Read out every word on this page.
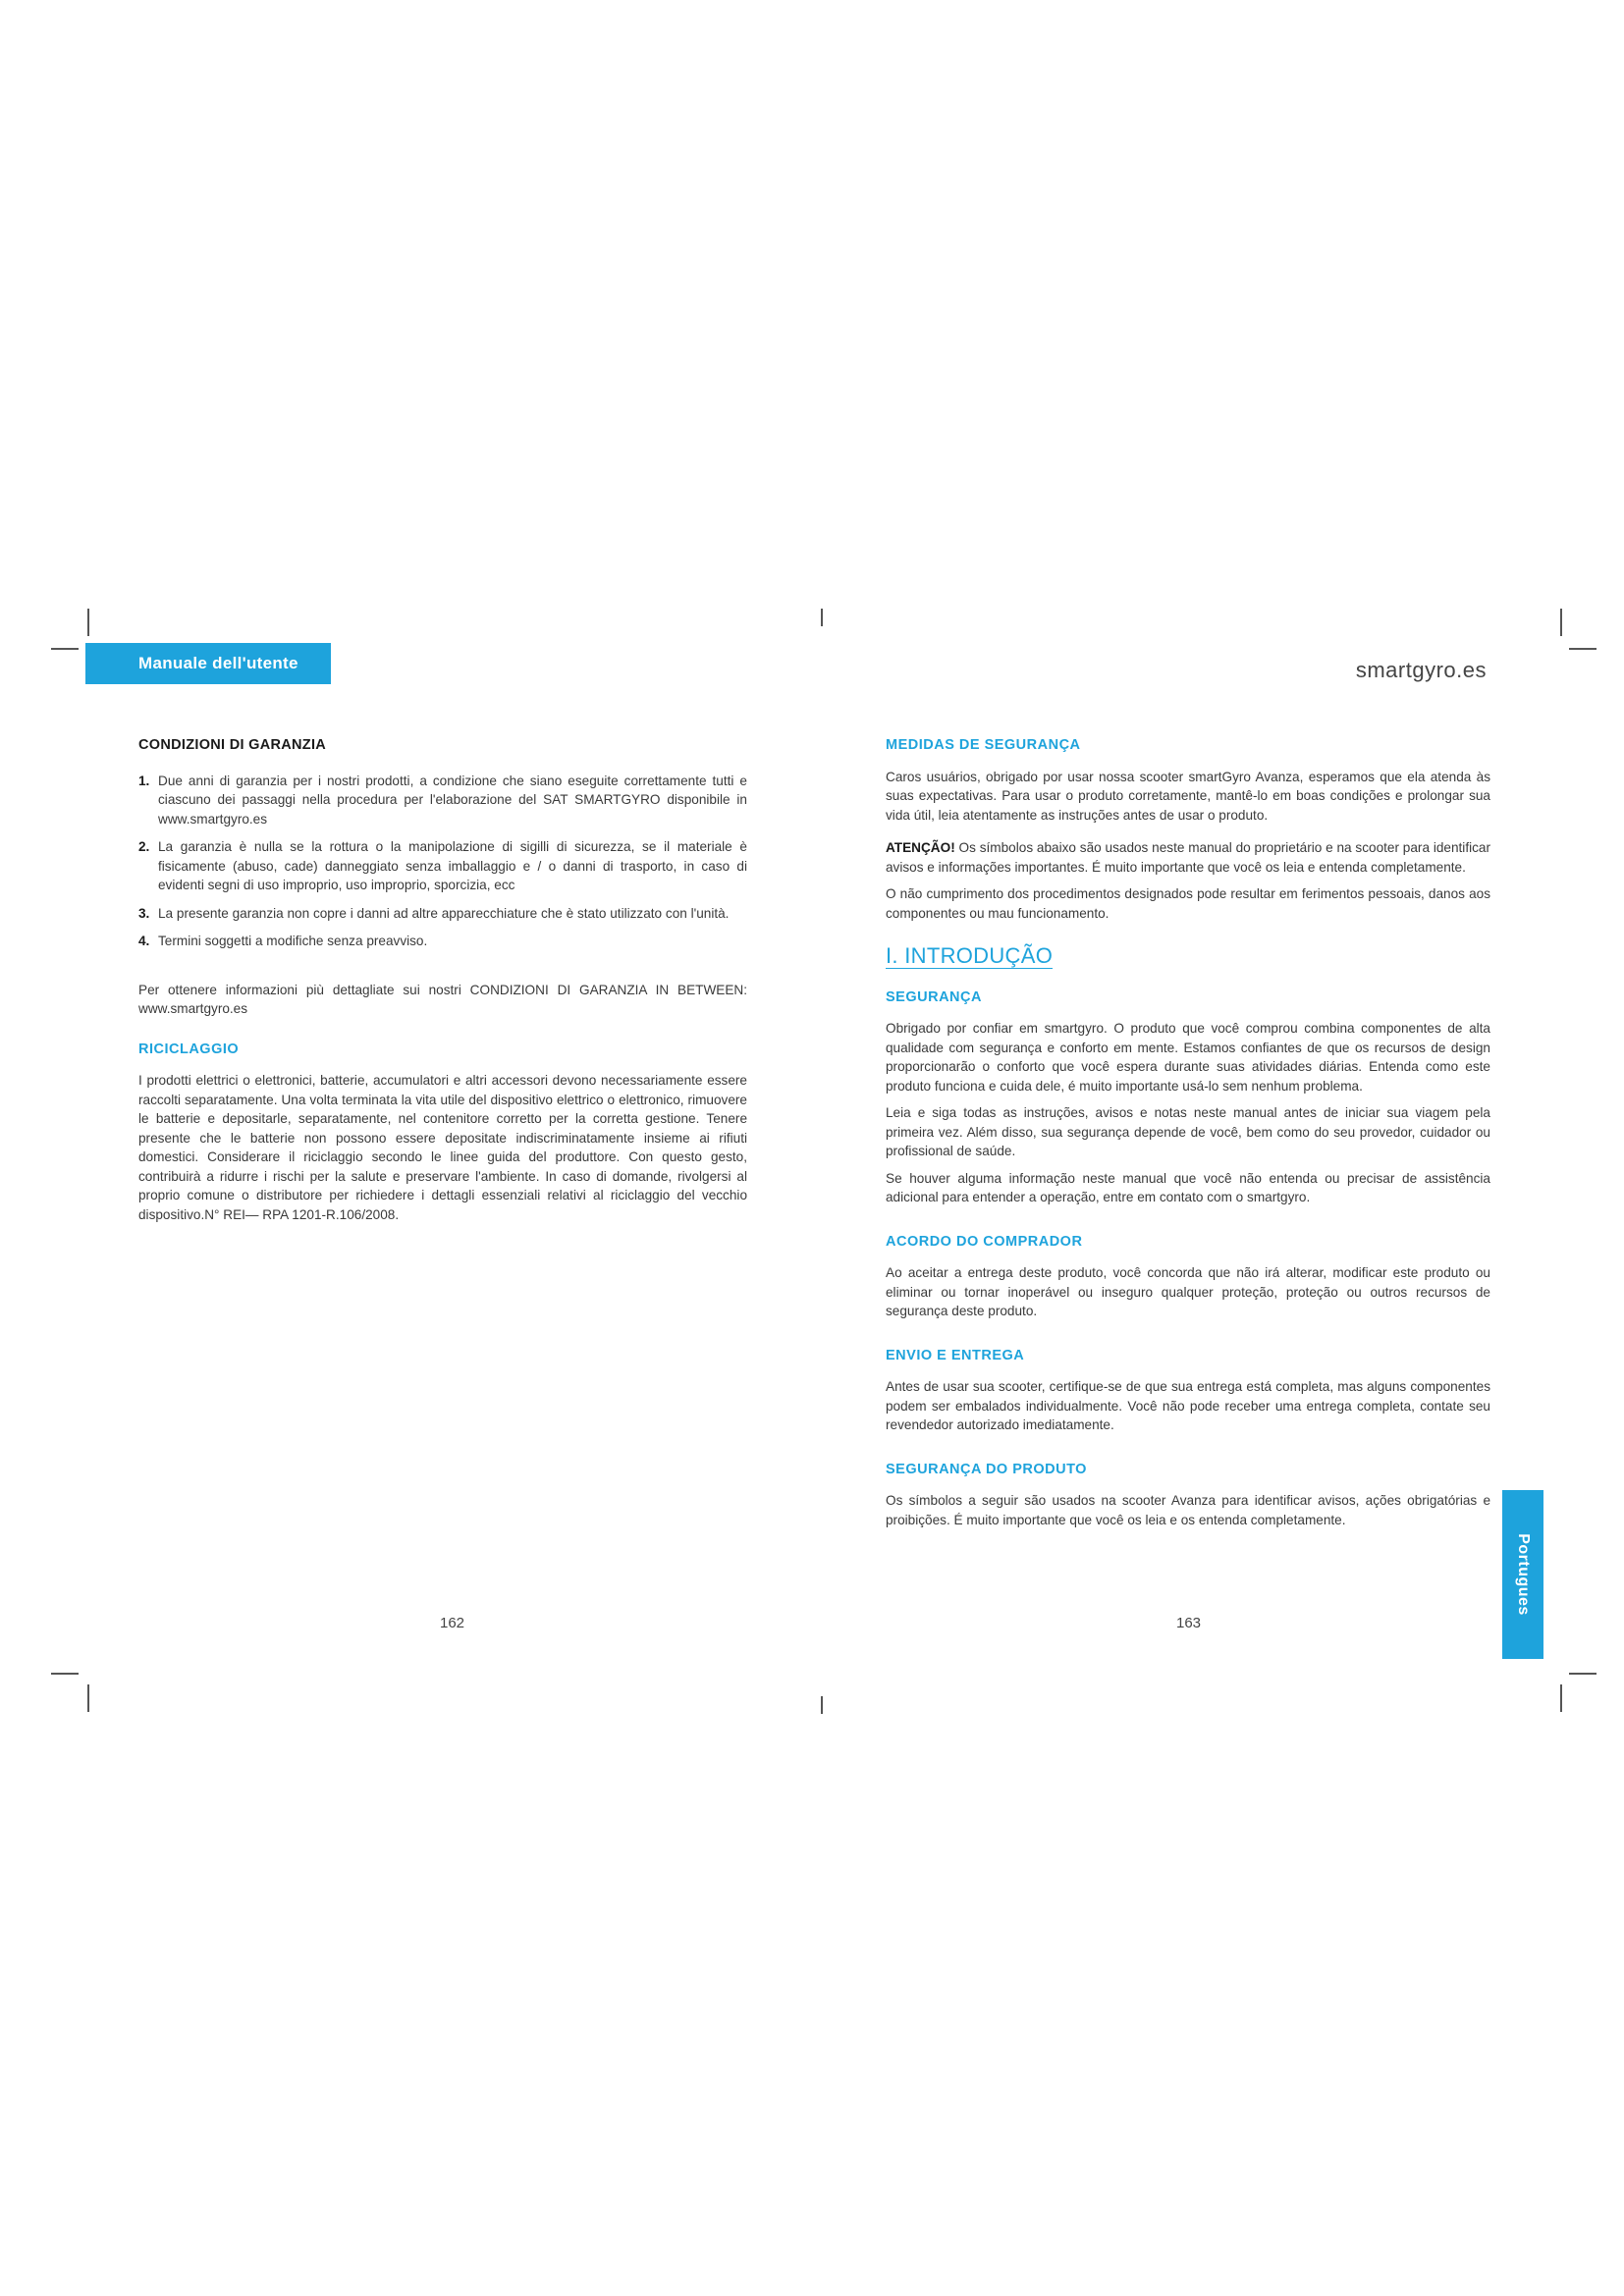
Manuale dell'utente	smartgyro.es
CONDIZIONI DI GARANZIA
1. Due anni di garanzia per i nostri prodotti, a condizione che siano eseguite correttamente tutti e ciascuno dei passaggi nella procedura per l'elaborazione del SAT SMARTGYRO disponibile in www.smartgyro.es
2. La garanzia è nulla se la rottura o la manipolazione di sigilli di sicurezza, se il materiale è fisicamente (abuso, cade) danneggiato senza imballaggio e / o danni di trasporto, in caso di evidenti segni di uso improprio, uso improprio, sporcizia, ecc
3. La presente garanzia non copre i danni ad altre apparecchiature che è stato utilizzato con l'unità.
4. Termini soggetti a modifiche senza preavviso.

Per ottenere informazioni più dettagliate sui nostri CONDIZIONI DI GARANZIA IN BETWEEN: www.smartgyro.es

RICICLAGGIO

I prodotti elettrici o elettronici, batterie, accumulatori e altri accessori devono necessariamente essere raccolti separatamente. Una volta terminata la vita utile del dispositivo elettrico o elettronico, rimuovere le batterie e depositarle, separatamente, nel contenitore corretto per la corretta gestione. Tenere presente che le batterie non possono essere depositate indiscriminatamente insieme ai rifiuti domestici. Considerare il riciclaggio secondo le linee guida del produttore. Con questo gesto, contribuirà a ridurre i rischi per la salute e preservare l'ambiente. In caso di domande, rivolgersi al proprio comune o distributore per richiedere i dettagli essenziali relativi al riciclaggio del vecchio dispositivo.N° REI— RPA 1201-R.106/2008.

MEDIDAS DE SEGURANÇA

Caros usuários, obrigado por usar nossa scooter smartGyro Avanza, esperamos que ela atenda às suas expectativas. Para usar o produto corretamente, mantê-lo em boas condições e prolongar sua vida útil, leia atentamente as instruções antes de usar o produto.

ATENÇÃO! Os símbolos abaixo são usados neste manual do proprietário e na scooter para identificar avisos e informações importantes. É muito importante que você os leia e entenda completamente.

O não cumprimento dos procedimentos designados pode resultar em ferimentos pessoais, danos aos componentes ou mau funcionamento.

I. INTRODUÇÃO
SEGURANÇA

Obrigado por confiar em smartgyro. O produto que você comprou combina componentes de alta qualidade com segurança e conforto em mente. Estamos confiantes de que os recursos de design proporcionarão o conforto que você espera durante suas atividades diárias. Entenda como este produto funciona e cuida dele, é muito importante usá-lo sem nenhum problema.

Leia e siga todas as instruções, avisos e notas neste manual antes de iniciar sua viagem pela primeira vez. Além disso, sua segurança depende de você, bem como do seu provedor, cuidador ou profissional de saúde.

Se houver alguma informação neste manual que você não entenda ou precisar de assistência adicional para entender a operação, entre em contato com o smartgyro.

ACORDO DO COMPRADOR

Ao aceitar a entrega deste produto, você concorda que não irá alterar, modificar este produto ou eliminar ou tornar inoperável ou inseguro qualquer proteção, proteção ou outros recursos de segurança deste produto.

ENVIO E ENTREGA

Antes de usar sua scooter, certifique-se de que sua entrega está completa, mas alguns componentes podem ser embalados individualmente. Você não pode receber uma entrega completa, contate seu revendedor autorizado imediatamente.

SEGURANÇA DO PRODUTO

Os símbolos a seguir são usados na scooter Avanza para identificar avisos, ações obrigatórias e proibições. É muito importante que você os leia e os entenda completamente.

162	163
Portugues
